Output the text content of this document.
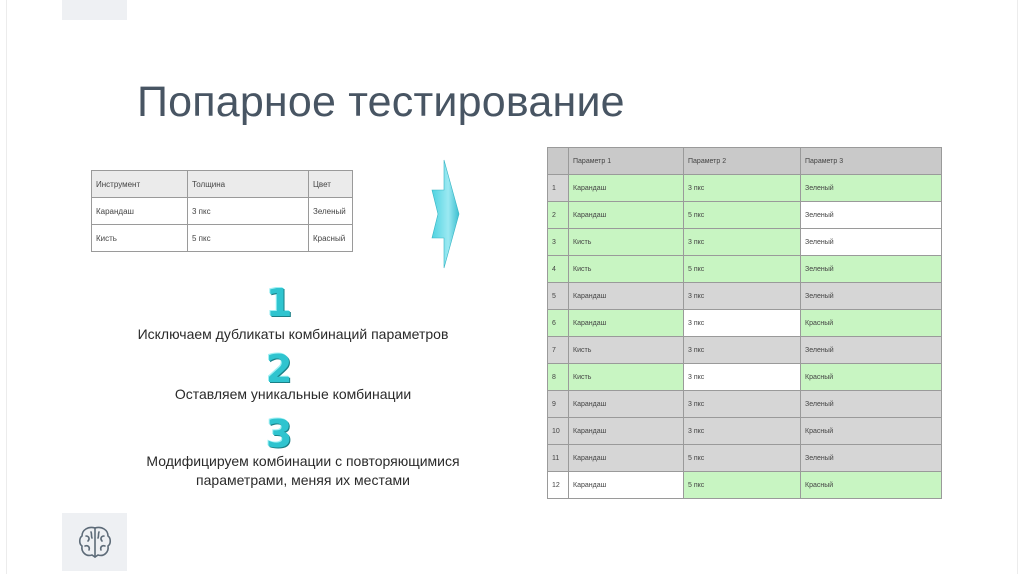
Попарное тестирование
Инструмент	Толщина	Цвет
Карандаш	3 пкс	Зеленый
Кисть	5 пкс	Красный
1
Исключаем дубликаты комбинаций параметров
2
Оставляем уникальные комбинации
3
Модифицируем комбинации с повторяющимися
параметрами, меняя их местами
	Параметр 1	Параметр 2	Параметр 3
1	Карандаш	3 пкс	Зеленый
2	Карандаш	5 пкс	Зеленый
3	Кисть	3 пкс	Зеленый
4	Кисть	5 пкс	Зеленый
5	Карандаш	3 пкс	Зеленый
6	Карандаш	3 пкс	Красный
7	Кисть	3 пкс	Зеленый
8	Кисть	3 пкс	Красный
9	Карандаш	3 пкс	Зеленый
10	Карандаш	3 пкс	Красный
11	Карандаш	5 пкс	Зеленый
12	Карандаш	5 пкс	Красный
